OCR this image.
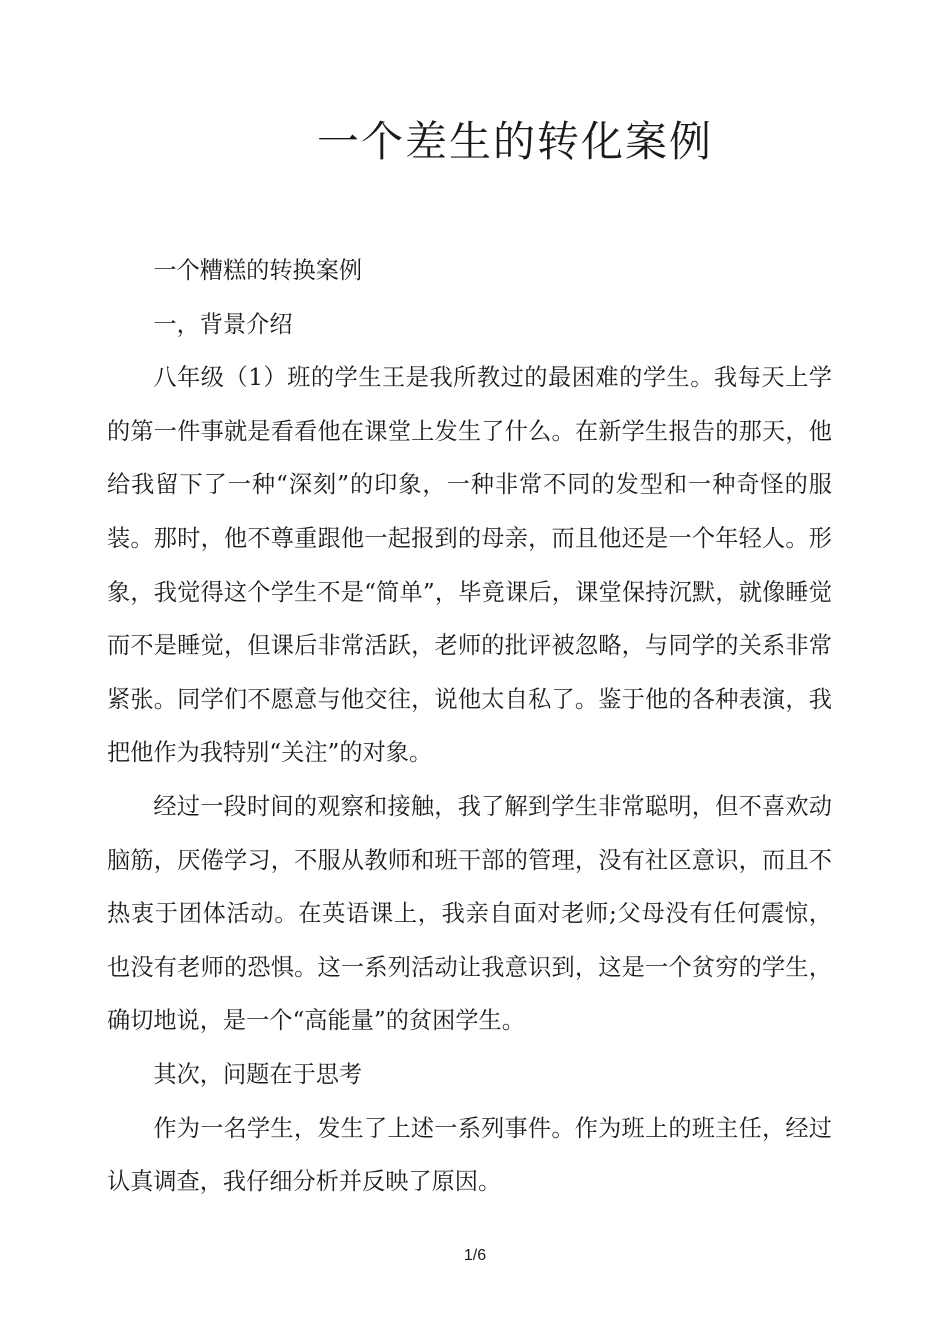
一个差生的转化案例

一个糟糕的转换案例

一，背景介绍

八年级（1）班的学生王是我所教过的最困难的学生。我每天上学的第一件事就是看看他在课堂上发生了什么。在新学生报告的那天，他给我留下了一种“深刻”的印象，一种非常不同的发型和一种奇怪的服装。那时，他不尊重跟他一起报到的母亲，而且他还是一个年轻人。形象，我觉得这个学生不是“简单”，毕竟课后，课堂保持沉默，就像睡觉而不是睡觉，但课后非常活跃，老师的批评被忽略，与同学的关系非常紧张。同学们不愿意与他交往，说他太自私了。鉴于他的各种表演，我把他作为我特别“关注”的对象。

经过一段时间的观察和接触，我了解到学生非常聪明，但不喜欢动脑筋，厌倦学习，不服从教师和班干部的管理，没有社区意识，而且不热衷于团体活动。在英语课上，我亲自面对老师;父母没有任何震惊，也没有老师的恐惧。这一系列活动让我意识到，这是一个贫穷的学生，确切地说，是一个“高能量”的贫困学生。

其次，问题在于思考

作为一名学生，发生了上述一系列事件。作为班上的班主任，经过认真调查，我仔细分析并反映了原因。

1/6
